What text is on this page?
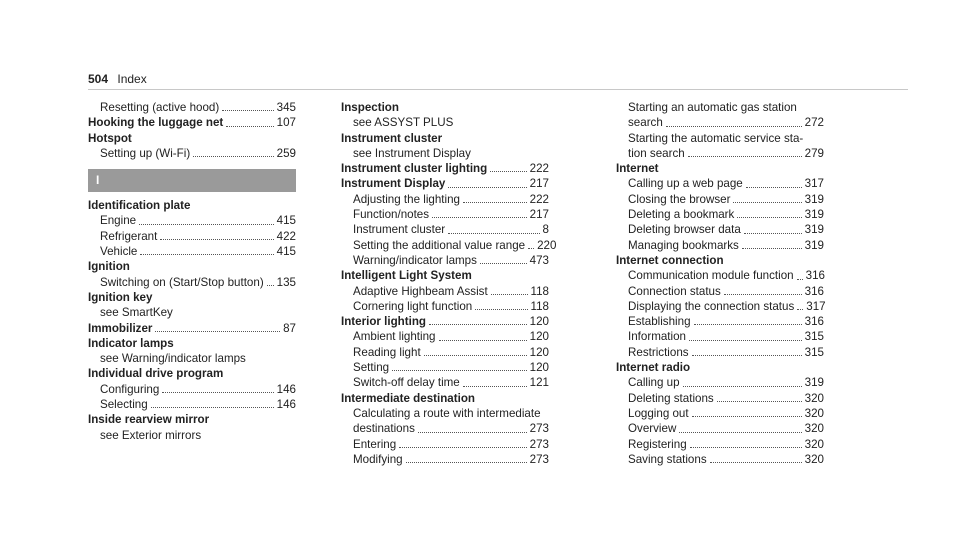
504 Index
Resetting (active hood)	345
Hooking the luggage net	107
Hotspot
Setting up (Wi-Fi)	259
I
Identification plate
Engine	415
Refrigerant	422
Vehicle	415
Ignition
Switching on (Start/Stop button) 135
Ignition key
see SmartKey
Immobilizer	87
Indicator lamps
see Warning/indicator lamps
Individual drive program
Configuring	146
Selecting	146
Inside rearview mirror
see Exterior mirrors
Inspection
see ASSYST PLUS
Instrument cluster
see Instrument Display
Instrument cluster lighting	222
Instrument Display	217
Adjusting the lighting	222
Function/notes	217
Instrument cluster	8
Setting the additional value range 220
Warning/indicator lamps	473
Intelligent Light System
Adaptive Highbeam Assist	118
Cornering light function	118
Interior lighting	120
Ambient lighting	120
Reading light	120
Setting	120
Switch-off delay time	121
Intermediate destination
Calculating a route with intermediate
destinations	273
Entering	273
Modifying	273
Starting an automatic gas station
search	272
Starting the automatic service sta-
tion search	279
Internet
Calling up a web page	317
Closing the browser	319
Deleting a bookmark	319
Deleting browser data	319
Managing bookmarks	319
Internet connection
Communication module function 316
Connection status	316
Displaying the connection status 317
Establishing	316
Information	315
Restrictions	315
Internet radio
Calling up	319
Deleting stations	320
Logging out	320
Overview	320
Registering	320
Saving stations	320
